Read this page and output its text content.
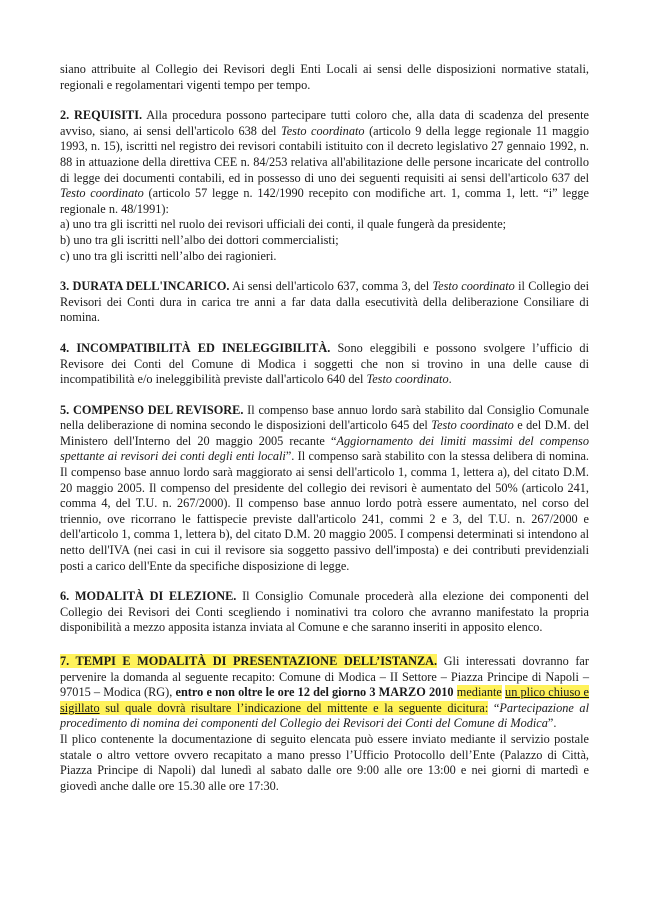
siano attribuite al Collegio dei Revisori degli Enti Locali ai sensi delle disposizioni normative statali, regionali e regolamentari vigenti tempo per tempo.

2. REQUISITI. Alla procedura possono partecipare tutti coloro che, alla data di scadenza del presente avviso, siano, ai sensi dell'articolo 638 del Testo coordinato (articolo 9 della legge regionale 11 maggio 1993, n. 15), iscritti nel registro dei revisori contabili istituito con il decreto legislativo 27 gennaio 1992, n. 88 in attuazione della direttiva CEE n. 84/253 relativa all'abilitazione delle persone incaricate del controllo di legge dei documenti contabili, ed in possesso di uno dei seguenti requisiti ai sensi dell'articolo 637 del Testo coordinato (articolo 57 legge n. 142/1990 recepito con modifiche art. 1, comma 1, lett. “i” legge regionale n. 48/1991):

a) uno tra gli iscritti nel ruolo dei revisori ufficiali dei conti, il quale fungerà da presidente;
b) uno tra gli iscritti nell’albo dei dottori commercialisti;
c) uno tra gli iscritti nell’albo dei ragionieri.

3. DURATA DELL'INCARICO. Ai sensi dell'articolo 637, comma 3, del Testo coordinato il Collegio dei Revisori dei Conti dura in carica tre anni a far data dalla esecutività della deliberazione Consiliare di nomina.

4. INCOMPATIBILITÀ ED INELEGGIBILITÀ. Sono eleggibili e possono svolgere l’ufficio di Revisore dei Conti del Comune di Modica i soggetti che non si trovino in una delle cause di incompatibilità e/o ineleggibilità previste dall'articolo 640 del Testo coordinato.

5. COMPENSO DEL REVISORE. Il compenso base annuo lordo sarà stabilito dal Consiglio Comunale nella deliberazione di nomina secondo le disposizioni dell'articolo 645 del Testo coordinato e del D.M. del Ministero dell'Interno del 20 maggio 2005 recante “Aggiornamento dei limiti massimi del compenso spettante ai revisori dei conti degli enti locali”. Il compenso sarà stabilito con la stessa delibera di nomina. Il compenso base annuo lordo sarà maggiorato ai sensi dell'articolo 1, comma 1, lettera a), del citato D.M. 20 maggio 2005. Il compenso del presidente del collegio dei revisori è aumentato del 50% (articolo 241, comma 4, del T.U. n. 267/2000). Il compenso base annuo lordo potrà essere aumentato, nel corso del triennio, ove ricorrano le fattispecie previste dall'articolo 241, commi 2 e 3, del T.U. n. 267/2000 e dell'articolo 1, comma 1, lettera b), del citato D.M. 20 maggio 2005. I compensi determinati si intendono al netto dell'IVA (nei casi in cui il revisore sia soggetto passivo dell'imposta) e dei contributi previdenziali posti a carico dell'Ente da specifiche disposizione di legge.

6. MODALITÀ DI ELEZIONE. Il Consiglio Comunale procederà alla elezione dei componenti del Collegio dei Revisori dei Conti scegliendo i nominativi tra coloro che avranno manifestato la propria disponibilità a mezzo apposita istanza inviata al Comune e che saranno inseriti in apposito elenco.

7. TEMPI E MODALITÀ DI PRESENTAZIONE DELL’ISTANZA. Gli interessati dovranno far pervenire la domanda al seguente recapito: Comune di Modica – II Settore – Piazza Principe di Napoli – 97015 – Modica (RG), entro e non oltre le ore 12 del giorno 3 MARZO 2010 mediante un plico chiuso e sigillato sul quale dovrà risultare l’indicazione del mittente e la seguente dicitura: “Partecipazione al procedimento di nomina dei componenti del Collegio dei Revisori dei Conti del Comune di Modica”.

Il plico contenente la documentazione di seguito elencata può essere inviato mediante il servizio postale statale o altro vettore ovvero recapitato a mano presso l’Ufficio Protocollo dell’Ente (Palazzo di Città, Piazza Principe di Napoli) dal lunedì al sabato dalle ore 9:00 alle ore 13:00 e nei giorni di martedì e giovedì anche dalle ore 15.30 alle ore 17:30.
